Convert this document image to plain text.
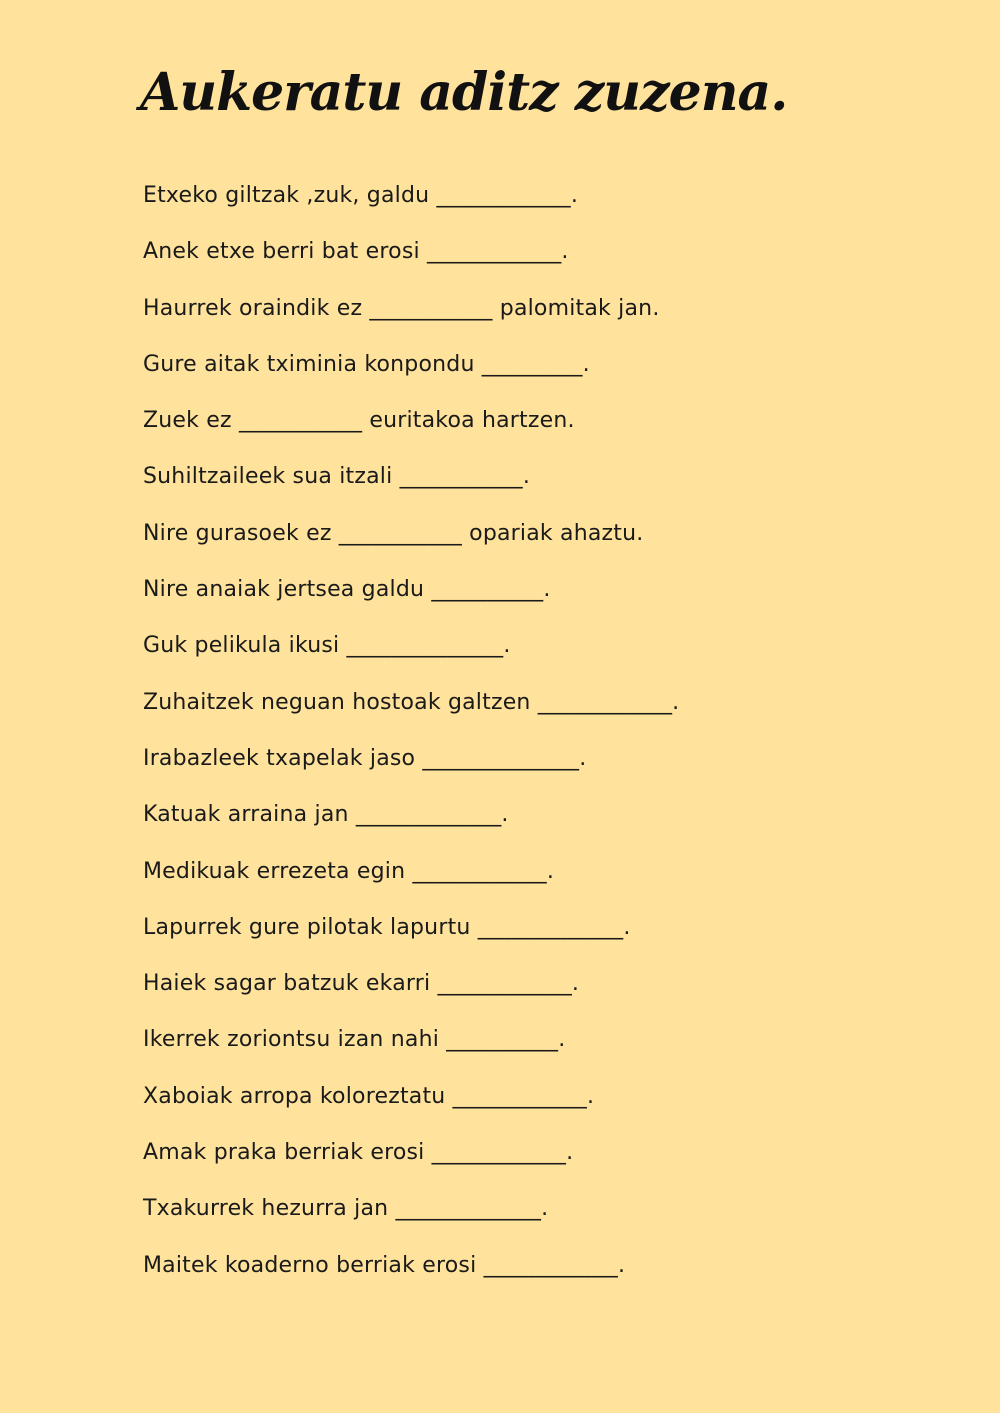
Aukeratu aditz zuzena.
Etxeko giltzak ,zuk, galdu ____________.
Anek etxe berri bat erosi ____________.
Haurrek oraindik ez ___________ palomitak jan.
Gure aitak tximinia konpondu _________.
Zuek ez ___________ euritakoa hartzen.
Suhiltzaileek sua itzali ___________.
Nire gurasoek ez ___________ opariak ahaztu.
Nire anaiak jertsea galdu __________.
Guk pelikula ikusi ______________.
Zuhaitzek neguan hostoak galtzen ____________.
Irabazleek txapelak jaso ______________.
Katuak arraina jan _____________.
Medikuak errezeta egin ____________.
Lapurrek gure pilotak lapurtu _____________.
Haiek sagar batzuk ekarri ____________.
Ikerrek zoriontsu izan nahi __________.
Xaboiak arropa koloreztatu ____________.
Amak praka berriak erosi ____________.
Txakurrek hezurra jan _____________.
Maitek koaderno berriak erosi ____________.
